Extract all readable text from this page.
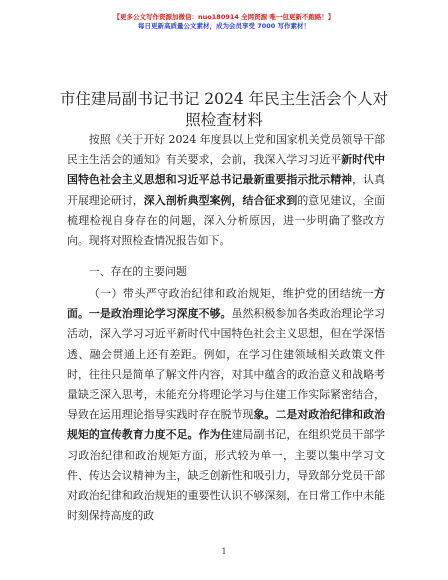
【更多公文写作资源加微信：nuo180914 全网资源 唯一包更新不跑路！】
每日更新高质量公文素材，成为会员享受 7000 写作素材！
市住建局副书记书记 2024 年民主生活会个人对
照检查材料

按照《关于开好 2024 年度县以上党和国家机关党员领导干部民主生活会的通知》有关要求，会前，我深入学习习近平新时代中国特色社会主义思想和习近平总书记最新重要指示批示精神，认真开展理论研讨，深入剖析典型案例，结合征求到的意见建议，全面梳理检视自身存在的问题，深入分析原因，进一步明确了整改方向。现将对照检查情况报告如下。

一、存在的主要问题

（一）带头严守政治纪律和政治规矩，维护党的团结统一方面。一是政治理论学习深度不够。虽然积极参加各类政治理论学习活动，深入学习习近平新时代中国特色社会主义思想，但在学深悟透、融会贯通上还有差距。例如，在学习住建领域相关政策文件时，往往只是简单了解文件内容，对其中蕴含的政治意义和战略考量缺乏深入思考，未能充分将理论学习与住建工作实际紧密结合，导致在运用理论指导实践时存在脱节现象。二是对政治纪律和政治规矩的宣传教育力度不足。作为住建局副书记，在组织党员干部学习政治纪律和政治规矩方面，形式较为单一，主要以集中学习文件、传达会议精神为主，缺乏创新性和吸引力，导致部分党员干部对政治纪律和政治规矩的重要性认识不够深刻，在日常工作中未能时刻保持高度的政

1
